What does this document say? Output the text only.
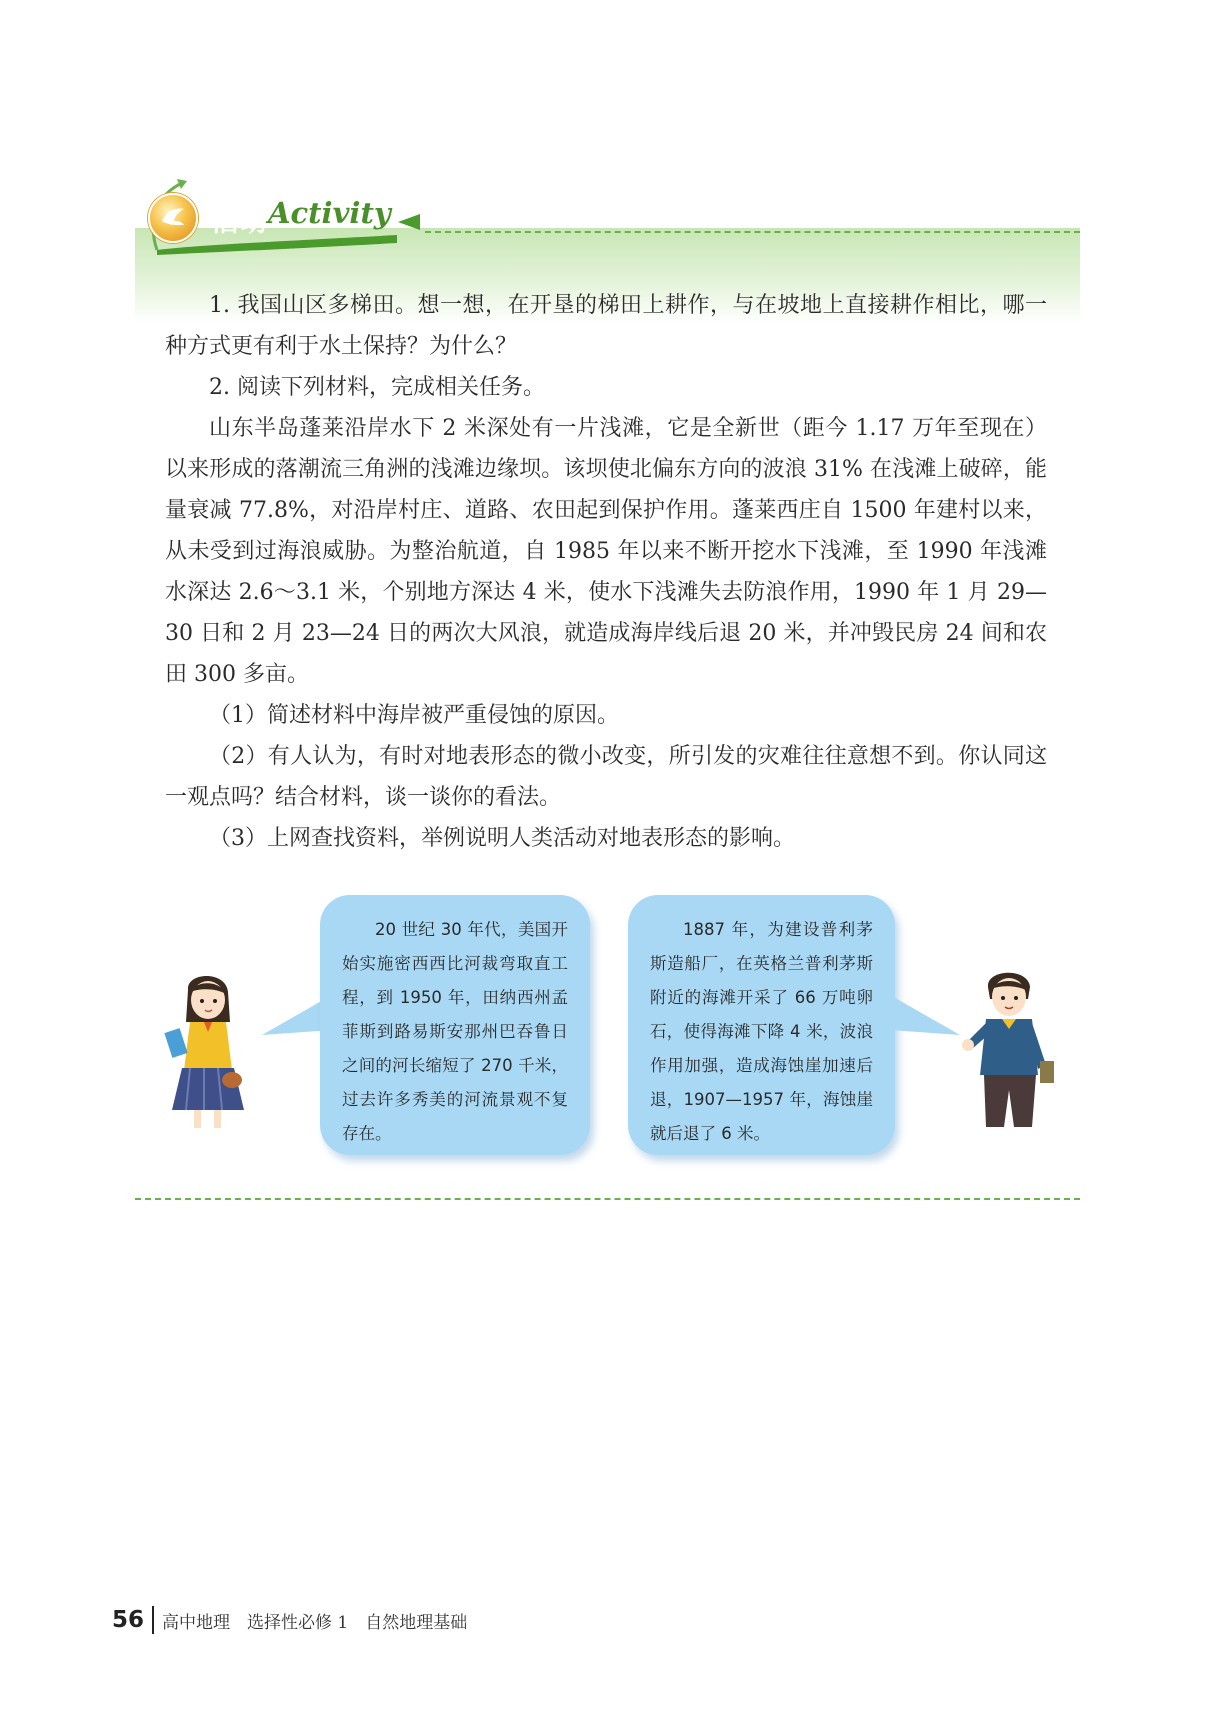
活动 Activity

1. 我国山区多梯田。想一想，在开垦的梯田上耕作，与在坡地上直接耕作相比，哪一种方式更有利于水土保持？为什么？

2. 阅读下列材料，完成相关任务。

山东半岛蓬莱沿岸水下 2 米深处有一片浅滩，它是全新世（距今 1.17 万年至现在）以来形成的落潮流三角洲的浅滩边缘坝。该坝使北偏东方向的波浪 31% 在浅滩上破碎，能量衰减 77.8%，对沿岸村庄、道路、农田起到保护作用。蓬莱西庄自 1500 年建村以来，从未受到过海浪威胁。为整治航道，自 1985 年以来不断开挖水下浅滩，至 1990 年浅滩水深达 2.6～3.1 米，个别地方深达 4 米，使水下浅滩失去防浪作用，1990 年 1 月 29—30 日和 2 月 23—24 日的两次大风浪，就造成海岸线后退 20 米，并冲毁民房 24 间和农田 300 多亩。

（1）简述材料中海岸被严重侵蚀的原因。

（2）有人认为，有时对地表形态的微小改变，所引发的灾难往往意想不到。你认同这一观点吗？结合材料，谈一谈你的看法。

（3）上网查找资料，举例说明人类活动对地表形态的影响。

20 世纪 30 年代，美国开始实施密西西比河裁弯取直工程，到 1950 年，田纳西州孟菲斯到路易斯安那州巴吞鲁日之间的河长缩短了 270 千米，过去许多秀美的河流景观不复存在。
1887 年，为建设普利茅斯造船厂，在英格兰普利茅斯附近的海滩开采了 66 万吨卵石，使得海滩下降 4 米，波浪作用加强，造成海蚀崖加速后退，1907—1957 年，海蚀崖就后退了 6 米。
56 高中地理　选择性必修 1　自然地理基础
